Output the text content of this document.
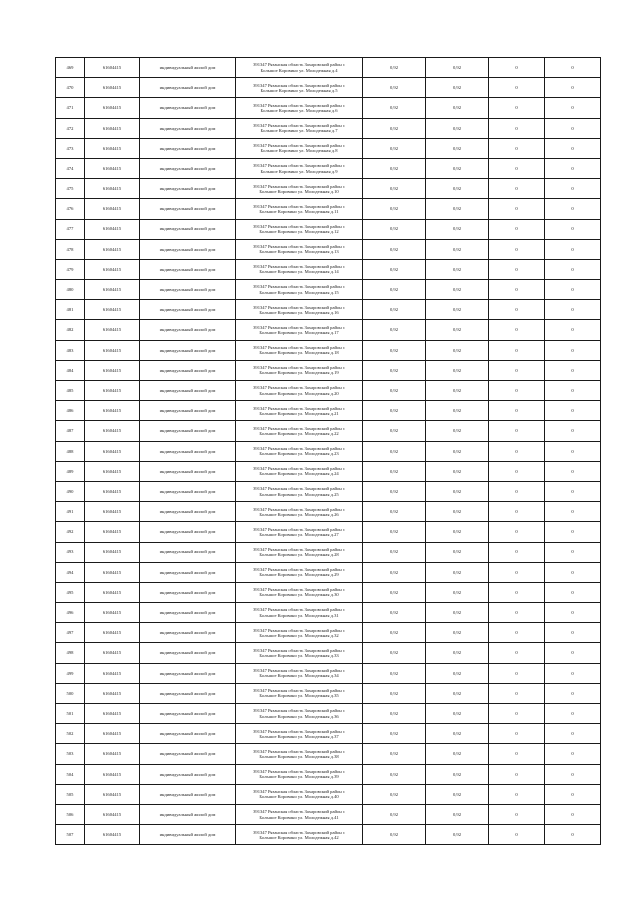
469	61604415	индивидуальный жилой дом	391347 Рязанская область Захаровский район с
Большое Коровино ул. Молодежная д.4	0,92	0,92	0	0
470	61604415	индивидуальный жилой дом	391347 Рязанская область Захаровский район с
Большое Коровино ул. Молодежная д.5	0,92	0,92	0	0
471	61604415	индивидуальный жилой дом	391347 Рязанская область Захаровский район с
Большое Коровино ул. Молодежная д.6	0,92	0,92	0	0
472	61604415	индивидуальный жилой дом	391347 Рязанская область Захаровский район с
Большое Коровино ул. Молодежная д.7	0,92	0,92	0	0
473	61604415	индивидуальный жилой дом	391347 Рязанская область Захаровский район с
Большое Коровино ул. Молодежная д.8	0,92	0,92	0	0
474	61604415	индивидуальный жилой дом	391347 Рязанская область Захаровский район с
Большое Коровино ул. Молодежная д.9	0,92	0,92	0	0
475	61604415	индивидуальный жилой дом	391347 Рязанская область Захаровский район с
Большое Коровино ул. Молодежная д.10	0,92	0,92	0	0
476	61604415	индивидуальный жилой дом	391347 Рязанская область Захаровский район с
Большое Коровино ул. Молодежная д.11	0,92	0,92	0	0
477	61604415	индивидуальный жилой дом	391347 Рязанская область Захаровский район с
Большое Коровино ул. Молодежная д.12	0,92	0,92	0	0
478	61604415	индивидуальный жилой дом	391347 Рязанская область Захаровский район с
Большое Коровино ул. Молодежная д.13	0,92	0,92	0	0
479	61604415	индивидуальный жилой дом	391347 Рязанская область Захаровский район с
Большое Коровино ул. Молодежная д.14	0,92	0,92	0	0
480	61604415	индивидуальный жилой дом	391347 Рязанская область Захаровский район с
Большое Коровино ул. Молодежная д.15	0,92	0,92	0	0
481	61604415	индивидуальный жилой дом	391347 Рязанская область Захаровский район с
Большое Коровино ул. Молодежная д.16	0,92	0,92	0	0
482	61604415	индивидуальный жилой дом	391347 Рязанская область Захаровский район с
Большое Коровино ул. Молодежная д.17	0,92	0,92	0	0
483	61604415	индивидуальный жилой дом	391347 Рязанская область Захаровский район с
Большое Коровино ул. Молодежная д.18	0,92	0,92	0	0
484	61604415	индивидуальный жилой дом	391347 Рязанская область Захаровский район с
Большое Коровино ул. Молодежная д.19	0,92	0,92	0	0
485	61604415	индивидуальный жилой дом	391347 Рязанская область Захаровский район с
Большое Коровино ул. Молодежная д.20	0,92	0,92	0	0
486	61604415	индивидуальный жилой дом	391347 Рязанская область Захаровский район с
Большое Коровино ул. Молодежная д.21	0,92	0,92	0	0
487	61604415	индивидуальный жилой дом	391347 Рязанская область Захаровский район с
Большое Коровино ул. Молодежная д.22	0,92	0,92	0	0
488	61604415	индивидуальный жилой дом	391347 Рязанская область Захаровский район с
Большое Коровино ул. Молодежная д.23	0,92	0,92	0	0
489	61604415	индивидуальный жилой дом	391347 Рязанская область Захаровский район с
Большое Коровино ул. Молодежная д.24	0,92	0,92	0	0
490	61604415	индивидуальный жилой дом	391347 Рязанская область Захаровский район с
Большое Коровино ул. Молодежная д.25	0,92	0,92	0	0
491	61604415	индивидуальный жилой дом	391347 Рязанская область Захаровский район с
Большое Коровино ул. Молодежная д.26	0,92	0,92	0	0
492	61604415	индивидуальный жилой дом	391347 Рязанская область Захаровский район с
Большое Коровино ул. Молодежная д.27	0,92	0,92	0	0
493	61604415	индивидуальный жилой дом	391347 Рязанская область Захаровский район с
Большое Коровино ул. Молодежная д.28	0,92	0,92	0	0
494	61604415	индивидуальный жилой дом	391347 Рязанская область Захаровский район с
Большое Коровино ул. Молодежная д.29	0,92	0,92	0	0
495	61604415	индивидуальный жилой дом	391347 Рязанская область Захаровский район с
Большое Коровино ул. Молодежная д.30	0,92	0,92	0	0
496	61604415	индивидуальный жилой дом	391347 Рязанская область Захаровский район с
Большое Коровино ул. Молодежная д.31	0,92	0,92	0	0
497	61604415	индивидуальный жилой дом	391347 Рязанская область Захаровский район с
Большое Коровино ул. Молодежная д.32	0,92	0,92	0	0
498	61604415	индивидуальный жилой дом	391347 Рязанская область Захаровский район с
Большое Коровино ул. Молодежная д.33	0,92	0,92	0	0
499	61604415	индивидуальный жилой дом	391347 Рязанская область Захаровский район с
Большое Коровино ул. Молодежная д.34	0,92	0,92	0	0
500	61604415	индивидуальный жилой дом	391347 Рязанская область Захаровский район с
Большое Коровино ул. Молодежная д.35	0,92	0,92	0	0
501	61604415	индивидуальный жилой дом	391347 Рязанская область Захаровский район с
Большое Коровино ул. Молодежная д.36	0,92	0,92	0	0
502	61604415	индивидуальный жилой дом	391347 Рязанская область Захаровский район с
Большое Коровино ул. Молодежная д.37	0,92	0,92	0	0
503	61604415	индивидуальный жилой дом	391347 Рязанская область Захаровский район с
Большое Коровино ул. Молодежная д.38	0,92	0,92	0	0
504	61604415	индивидуальный жилой дом	391347 Рязанская область Захаровский район с
Большое Коровино ул. Молодежная д.39	0,92	0,92	0	0
505	61604415	индивидуальный жилой дом	391347 Рязанская область Захаровский район с
Большое Коровино ул. Молодежная д.40	0,92	0,92	0	0
506	61604415	индивидуальный жилой дом	391347 Рязанская область Захаровский район с
Большое Коровино ул. Молодежная д.41	0,92	0,92	0	0
507	61604415	индивидуальный жилой дом	391347 Рязанская область Захаровский район с
Большое Коровино ул. Молодежная д.42	0,92	0,92	0	0
